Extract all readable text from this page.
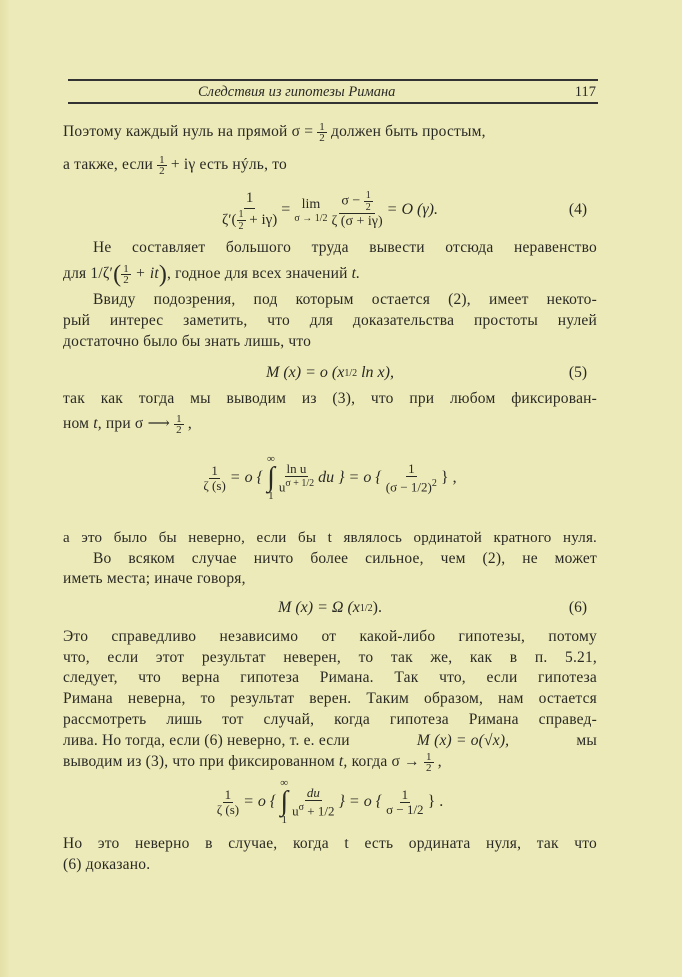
Следствия из гипотезы Римана	117
Поэтому каждый нуль на прямой $\sigma = \frac{1}{2}$ должен быть простым,
а также, если $\frac{1}{2} + i\gamma$ есть нýль, то
1
$\zeta'( \frac{1}{2} + i\gamma)$
= lim
σ → 1/2
$\frac{\sigma - \frac{1}{2}}{\zeta (\sigma + i\gamma)}$
= O (γ).	(4)
Не составляет большого труда вывести отсюда неравенство
для $1/\zeta'( \frac{1}{2} + it)$, годное для всех значений t.
Ввиду подозрения, под которым остается (2), имеет некото-
рый интерес заметить, что для доказательства простоты нулей
достаточно было бы знать лишь, что
M (x) = o (x 1/2
ln x),	(5)
так как тогда мы выводим из (3), что при любом фиксирован-
ном t, при σ ⟶ $\frac{1}{2}$ ,
$\frac{1}{\zeta (s)}$
= o {
∞
∫
1
ln u
$u^{\sigma + 1/2}$
du
} = o {

1
$(\sigma - 1/2)^2$
} ,
а это было бы неверно, если бы t являлось ординатой кратного нуля.
Во всяком случае ничто более сильное, чем (2), не может
иметь места; иначе говоря,
M (x) = Ω (x 1/2 ).	(6)
Это справедливо независимо от какой-либо гипотезы, потому
что, если этот результат неверен, то так же, как в п. 5.21,
следует, что верна гипотеза Римана. Так что, если гипотеза
Римана неверна, то результат верен. Таким образом, нам остается
рассмотреть лишь тот случай, когда гипотеза Римана справед-
лива. Но тогда, если (6) неверно, т. е. если	M (x) = o(√x),	мы
выводим из (3), что при фиксированном t, когда $\sigma \to \frac{1}{2}$ ,
$\frac{1}{\zeta (s)}$
= o {
∞
∫
1
du
$u^\sigma + 1/2$

} = o {
1
σ − 1/2
} .
Но это неверно в случае, когда t есть ордината нуля, так что
(6) доказано.
